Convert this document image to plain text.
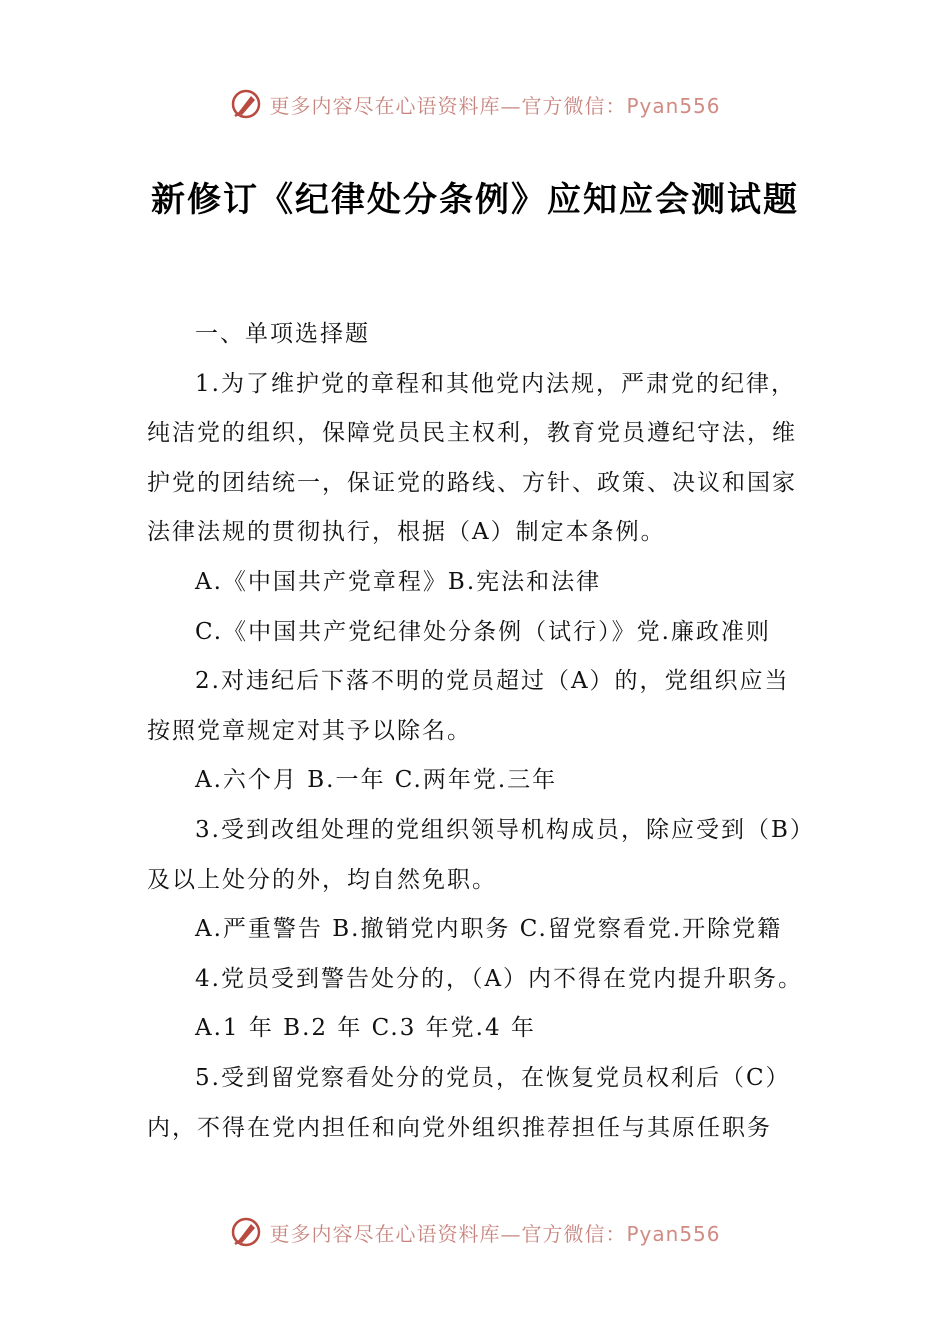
更多内容尽在心语资料库—官方微信：Pyan556
新修订《纪律处分条例》应知应会测试题

一、单项选择题

1.为了维护党的章程和其他党内法规，严肃党的纪律，纯洁党的组织，保障党员民主权利，教育党员遵纪守法，维护党的团结统一，保证党的路线、方针、政策、决议和国家法律法规的贯彻执行，根据（A）制定本条例。

A.《中国共产党章程》B.宪法和法律

C.《中国共产党纪律处分条例（试行）》党.廉政准则

2.对违纪后下落不明的党员超过（A）的，党组织应当按照党章规定对其予以除名。

A.六个月 B.一年 C.两年党.三年

3.受到改组处理的党组织领导机构成员，除应受到（B）及以上处分的外，均自然免职。

A.严重警告 B.撤销党内职务 C.留党察看党.开除党籍

4.党员受到警告处分的，（A）内不得在党内提升职务。

A.1 年 B.2 年 C.3 年党.4 年

5.受到留党察看处分的党员，在恢复党员权利后（C）内，不得在党内担任和向党外组织推荐担任与其原任职务

更多内容尽在心语资料库—官方微信：Pyan556
